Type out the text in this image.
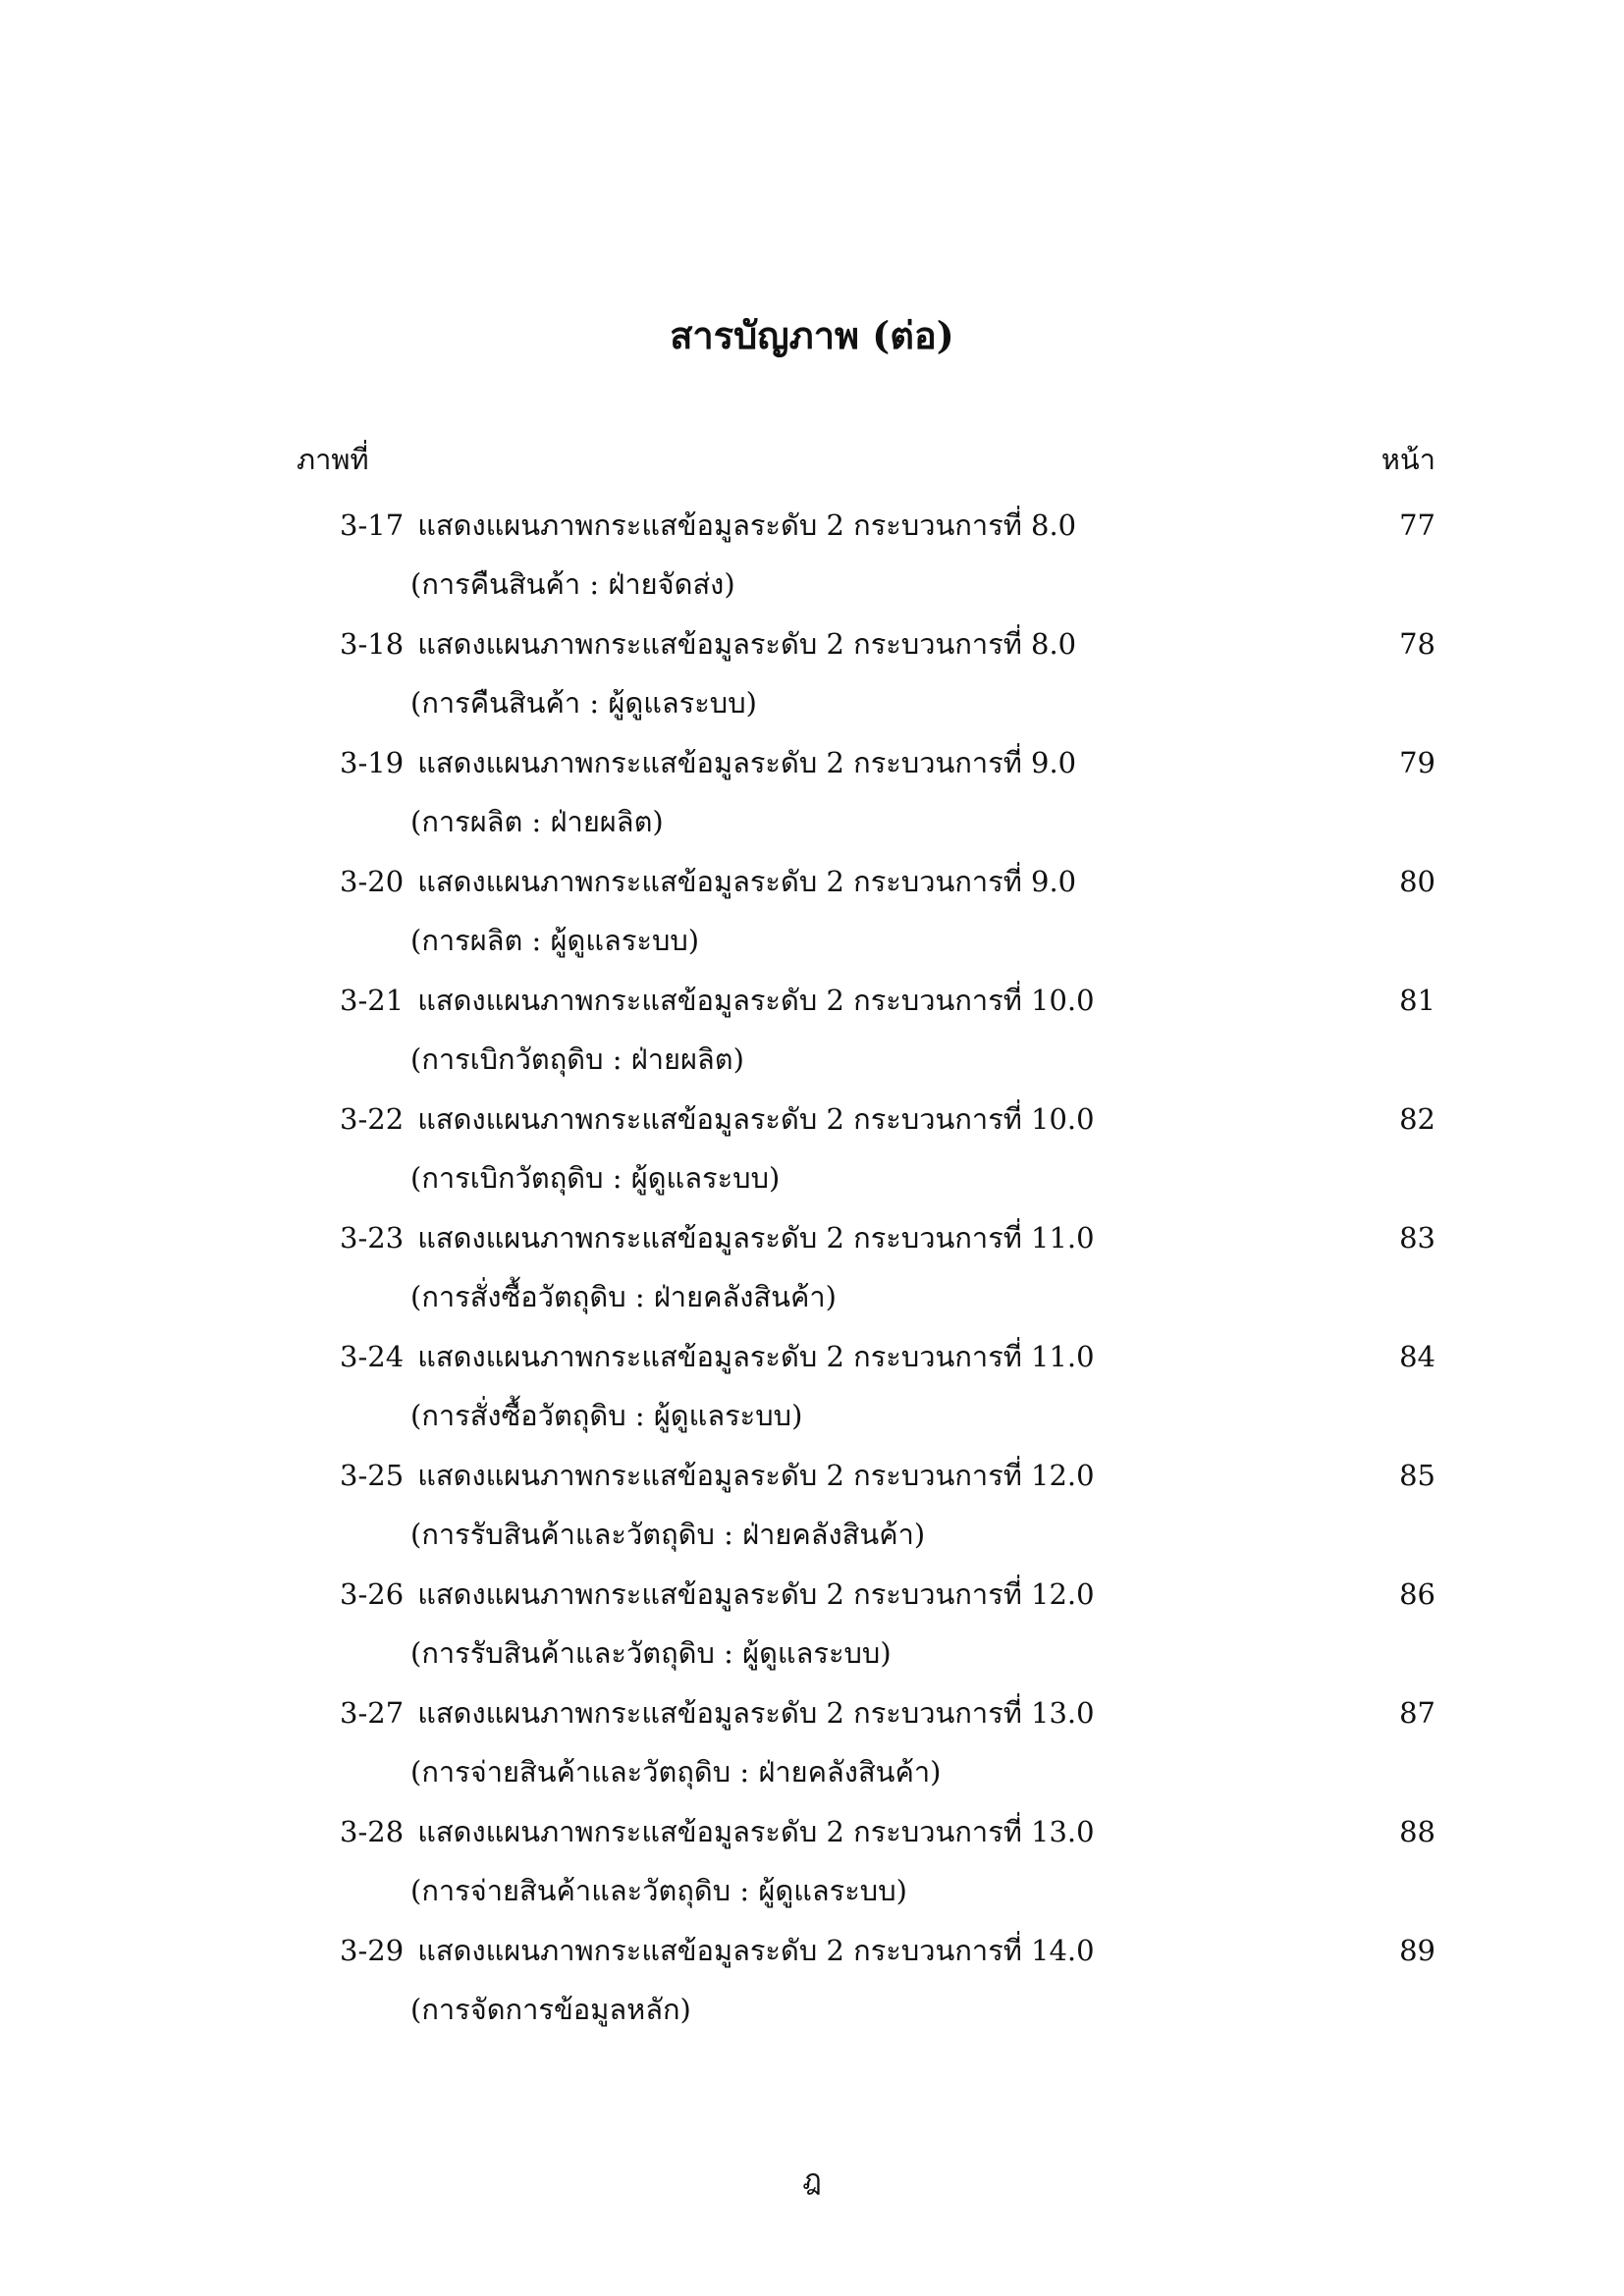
สารบัญภาพ (ต่อ)
ภาพที่	หน้า
3-17 แสดงแผนภาพกระแสข้อมูลระดับ 2 กระบวนการที่ 8.0	77
(การคืนสินค้า : ฝ่ายจัดส่ง)
3-18 แสดงแผนภาพกระแสข้อมูลระดับ 2 กระบวนการที่ 8.0	78
(การคืนสินค้า : ผู้ดูแลระบบ)
3-19 แสดงแผนภาพกระแสข้อมูลระดับ 2 กระบวนการที่ 9.0	79
(การผลิต : ฝ่ายผลิต)
3-20 แสดงแผนภาพกระแสข้อมูลระดับ 2 กระบวนการที่ 9.0	80
(การผลิต : ผู้ดูแลระบบ)
3-21 แสดงแผนภาพกระแสข้อมูลระดับ 2 กระบวนการที่ 10.0	81
(การเบิกวัตถุดิบ : ฝ่ายผลิต)
3-22 แสดงแผนภาพกระแสข้อมูลระดับ 2 กระบวนการที่ 10.0	82
(การเบิกวัตถุดิบ : ผู้ดูแลระบบ)
3-23 แสดงแผนภาพกระแสข้อมูลระดับ 2 กระบวนการที่ 11.0	83
(การสั่งซื้อวัตถุดิบ : ฝ่ายคลังสินค้า)
3-24 แสดงแผนภาพกระแสข้อมูลระดับ 2 กระบวนการที่ 11.0	84
(การสั่งซื้อวัตถุดิบ : ผู้ดูแลระบบ)
3-25 แสดงแผนภาพกระแสข้อมูลระดับ 2 กระบวนการที่ 12.0	85
(การรับสินค้าและวัตถุดิบ : ฝ่ายคลังสินค้า)
3-26 แสดงแผนภาพกระแสข้อมูลระดับ 2 กระบวนการที่ 12.0	86
(การรับสินค้าและวัตถุดิบ : ผู้ดูแลระบบ)
3-27 แสดงแผนภาพกระแสข้อมูลระดับ 2 กระบวนการที่ 13.0	87
(การจ่ายสินค้าและวัตถุดิบ : ฝ่ายคลังสินค้า)
3-28 แสดงแผนภาพกระแสข้อมูลระดับ 2 กระบวนการที่ 13.0	88
(การจ่ายสินค้าและวัตถุดิบ : ผู้ดูแลระบบ)
3-29 แสดงแผนภาพกระแสข้อมูลระดับ 2 กระบวนการที่ 14.0	89
(การจัดการข้อมูลหลัก)
ฎ
